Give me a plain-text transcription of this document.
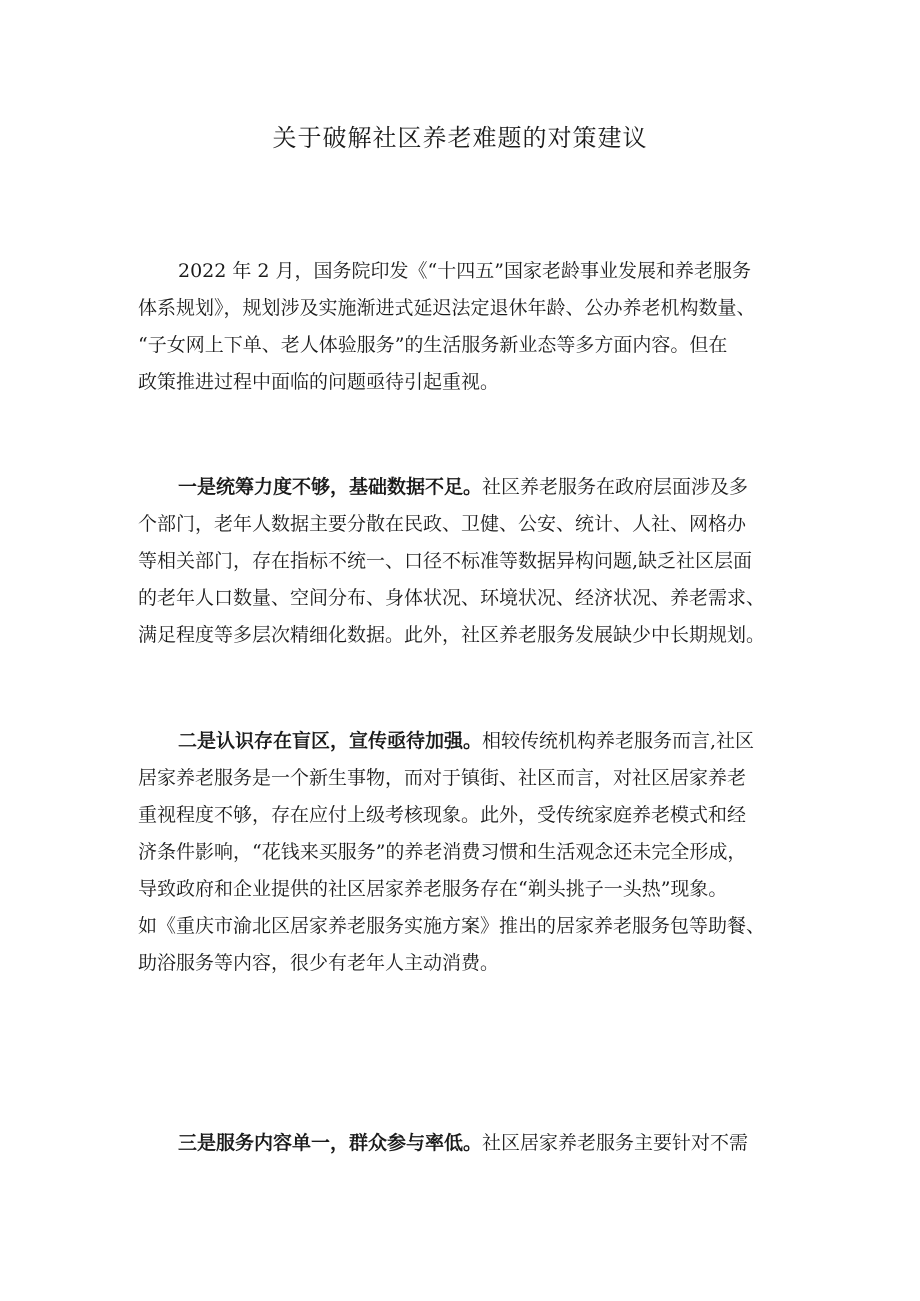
关于破解社区养老难题的对策建议
2022 年 2 月，国务院印发《“十四五”国家老龄事业发展和养老服务
体系规划》，规划涉及实施渐进式延迟法定退休年龄、公办养老机构数量、
“子女网上下单、老人体验服务”的生活服务新业态等多方面内容。但在
政策推进过程中面临的问题亟待引起重视。
一是统筹力度不够，基础数据不足。社区养老服务在政府层面涉及多
个部门，老年人数据主要分散在民政、卫健、公安、统计、人社、网格办
等相关部门，存在指标不统一、口径不标准等数据异构问题,缺乏社区层面
的老年人口数量、空间分布、身体状况、环境状况、经济状况、养老需求、
满足程度等多层次精细化数据。此外，社区养老服务发展缺少中长期规划。
二是认识存在盲区，宣传亟待加强。相较传统机构养老服务而言,社区
居家养老服务是一个新生事物，而对于镇街、社区而言，对社区居家养老
重视程度不够，存在应付上级考核现象。此外，受传统家庭养老模式和经
济条件影响，“花钱来买服务”的养老消费习惯和生活观念还未完全形成，
导致政府和企业提供的社区居家养老服务存在“剃头挑子一头热”现象。
如《重庆市渝北区居家养老服务实施方案》推出的居家养老服务包等助餐、
助浴服务等内容，很少有老年人主动消费。
三是服务内容单一，群众参与率低。社区居家养老服务主要针对不需
